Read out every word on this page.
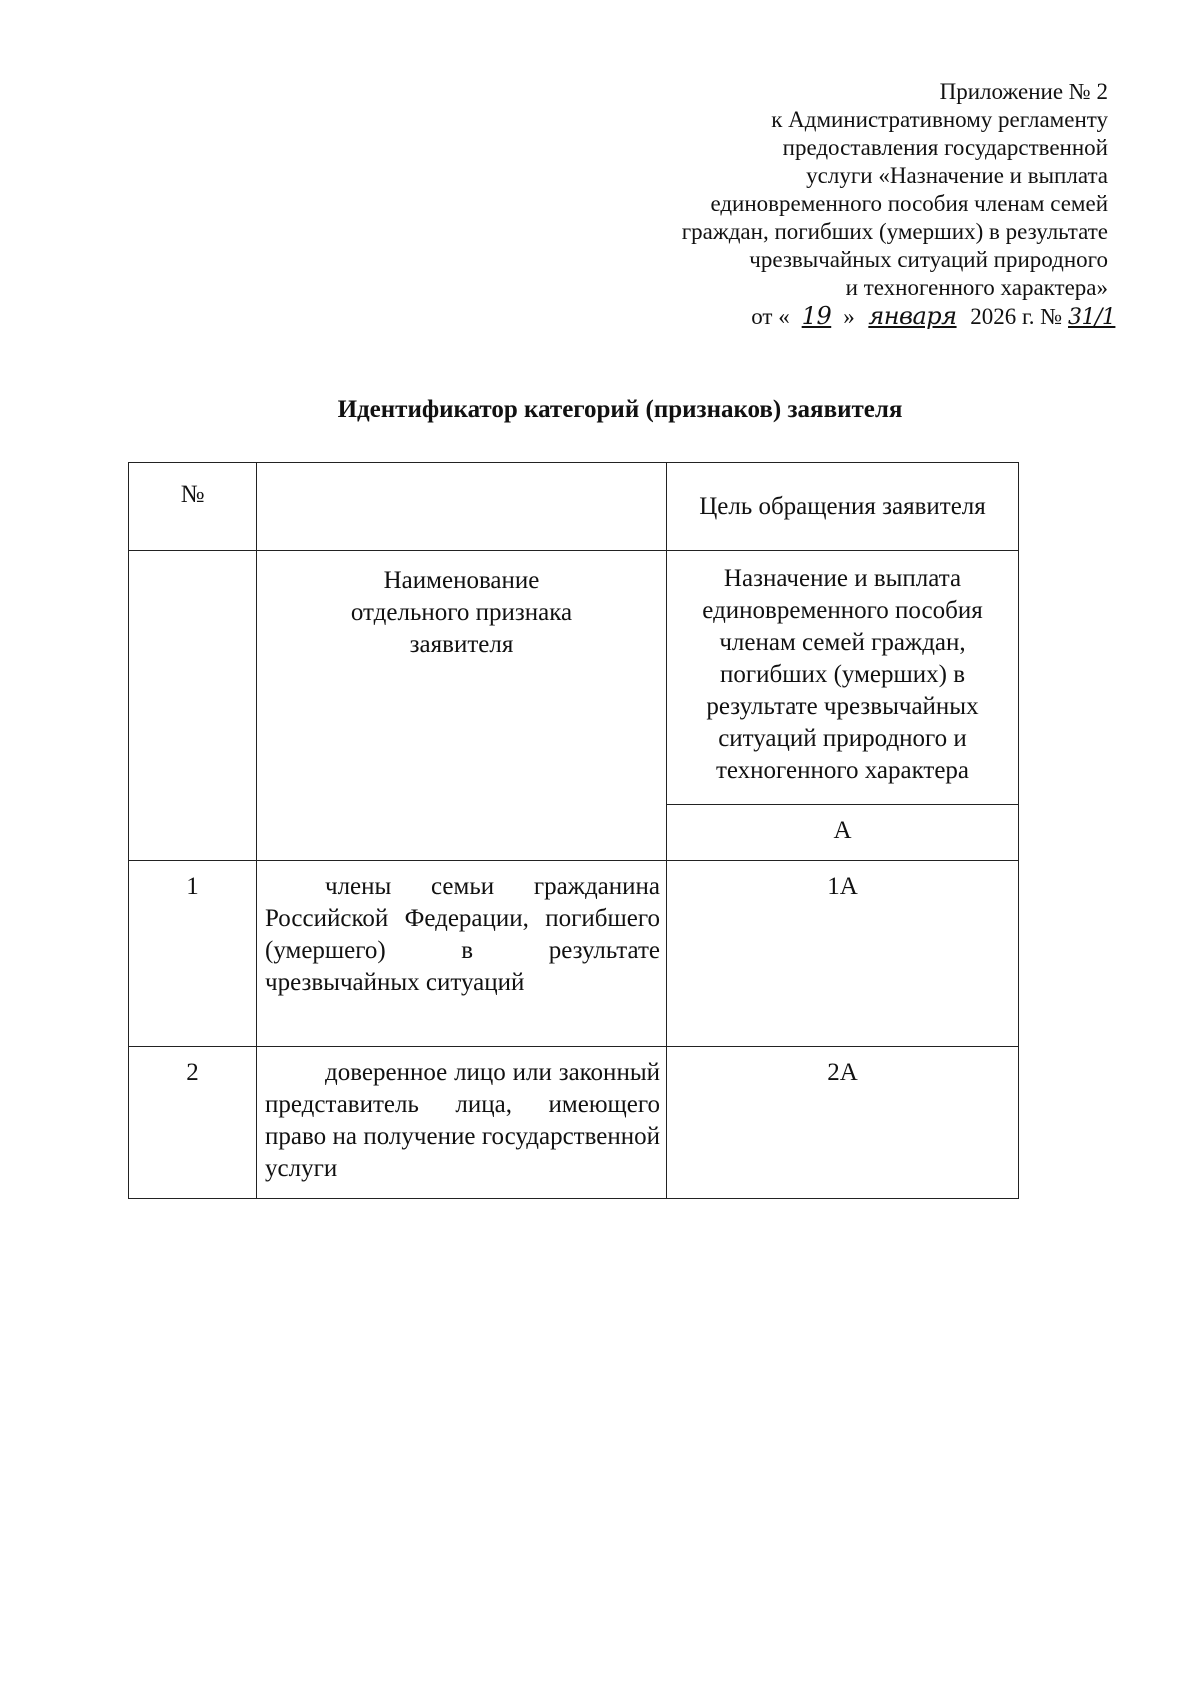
Приложение № 2
к Административному регламенту
предоставления государственной
услуги «Назначение и выплата
единовременного пособия членам семей
граждан, погибших (умерших) в результате
чрезвычайных ситуаций природного
и техногенного характера»
от « 19 » января 2026 г. № 31/1
Идентификатор категорий (признаков) заявителя
№		Цель обращения заявителя

	Наименование отдельного признака заявителя	Назначение и выплата единовременного пособия членам семей граждан, погибших (умерших) в результате чрезвычайных ситуаций природного и техногенного характера
		А
1	члены семьи гражданина Российской Федерации, погибшего (умершего) в результате чрезвычайных ситуаций	1А
2	доверенное лицо или законный представитель лица, имеющего право на получение государственной услуги	2А
